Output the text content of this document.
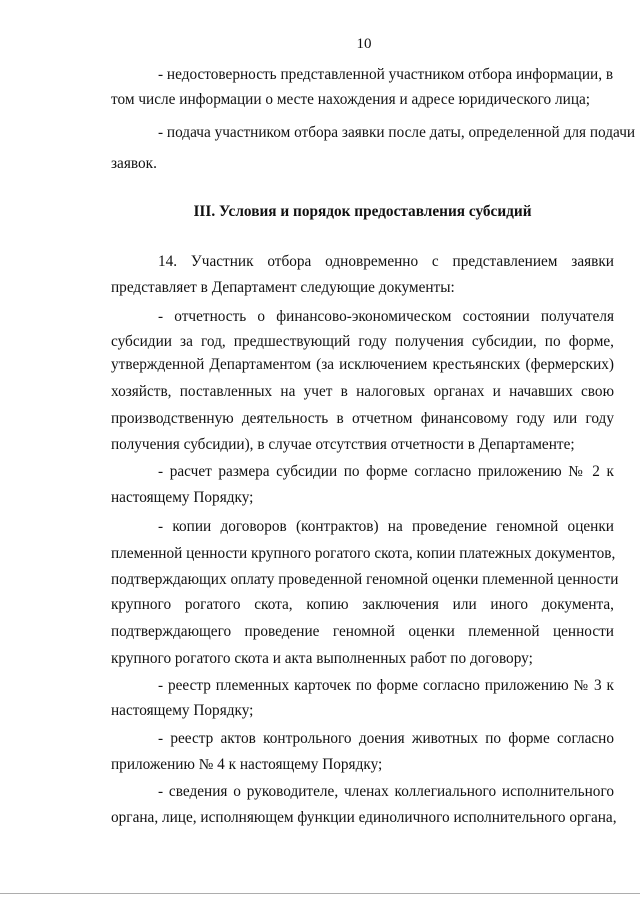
10
- недостоверность представленной участником отбора информации, в
том числе информации о месте нахождения и адресе юридического лица;
- подача участником отбора заявки после даты, определенной для подачи
заявок.
III. Условия и порядок предоставления субсидий
14. Участник отбора одновременно с представлением заявки
представляет в Департамент следующие документы:
- отчетность о финансово-экономическом состоянии получателя
субсидии за год, предшествующий году получения субсидии, по форме,
утвержденной Департаментом (за исключением крестьянских (фермерских)
хозяйств, поставленных на учет в налоговых органах и начавших свою
производственную деятельность в отчетном финансовому году или году
получения субсидии), в случае отсутствия отчетности в Департаменте;
- расчет размера субсидии по форме согласно приложению № 2 к
настоящему Порядку;
- копии договоров (контрактов) на проведение геномной оценки
племенной ценности крупного рогатого скота, копии платежных документов,
подтверждающих оплату проведенной геномной оценки племенной ценности
крупного рогатого скота, копию заключения или иного документа,
подтверждающего проведение геномной оценки племенной ценности
крупного рогатого скота и акта выполненных работ по договору;
- реестр племенных карточек по форме согласно приложению № 3 к
настоящему Порядку;
- реестр актов контрольного доения животных по форме согласно
приложению № 4 к настоящему Порядку;
- сведения о руководителе, членах коллегиального исполнительного
органа, лице, исполняющем функции единоличного исполнительного органа,
